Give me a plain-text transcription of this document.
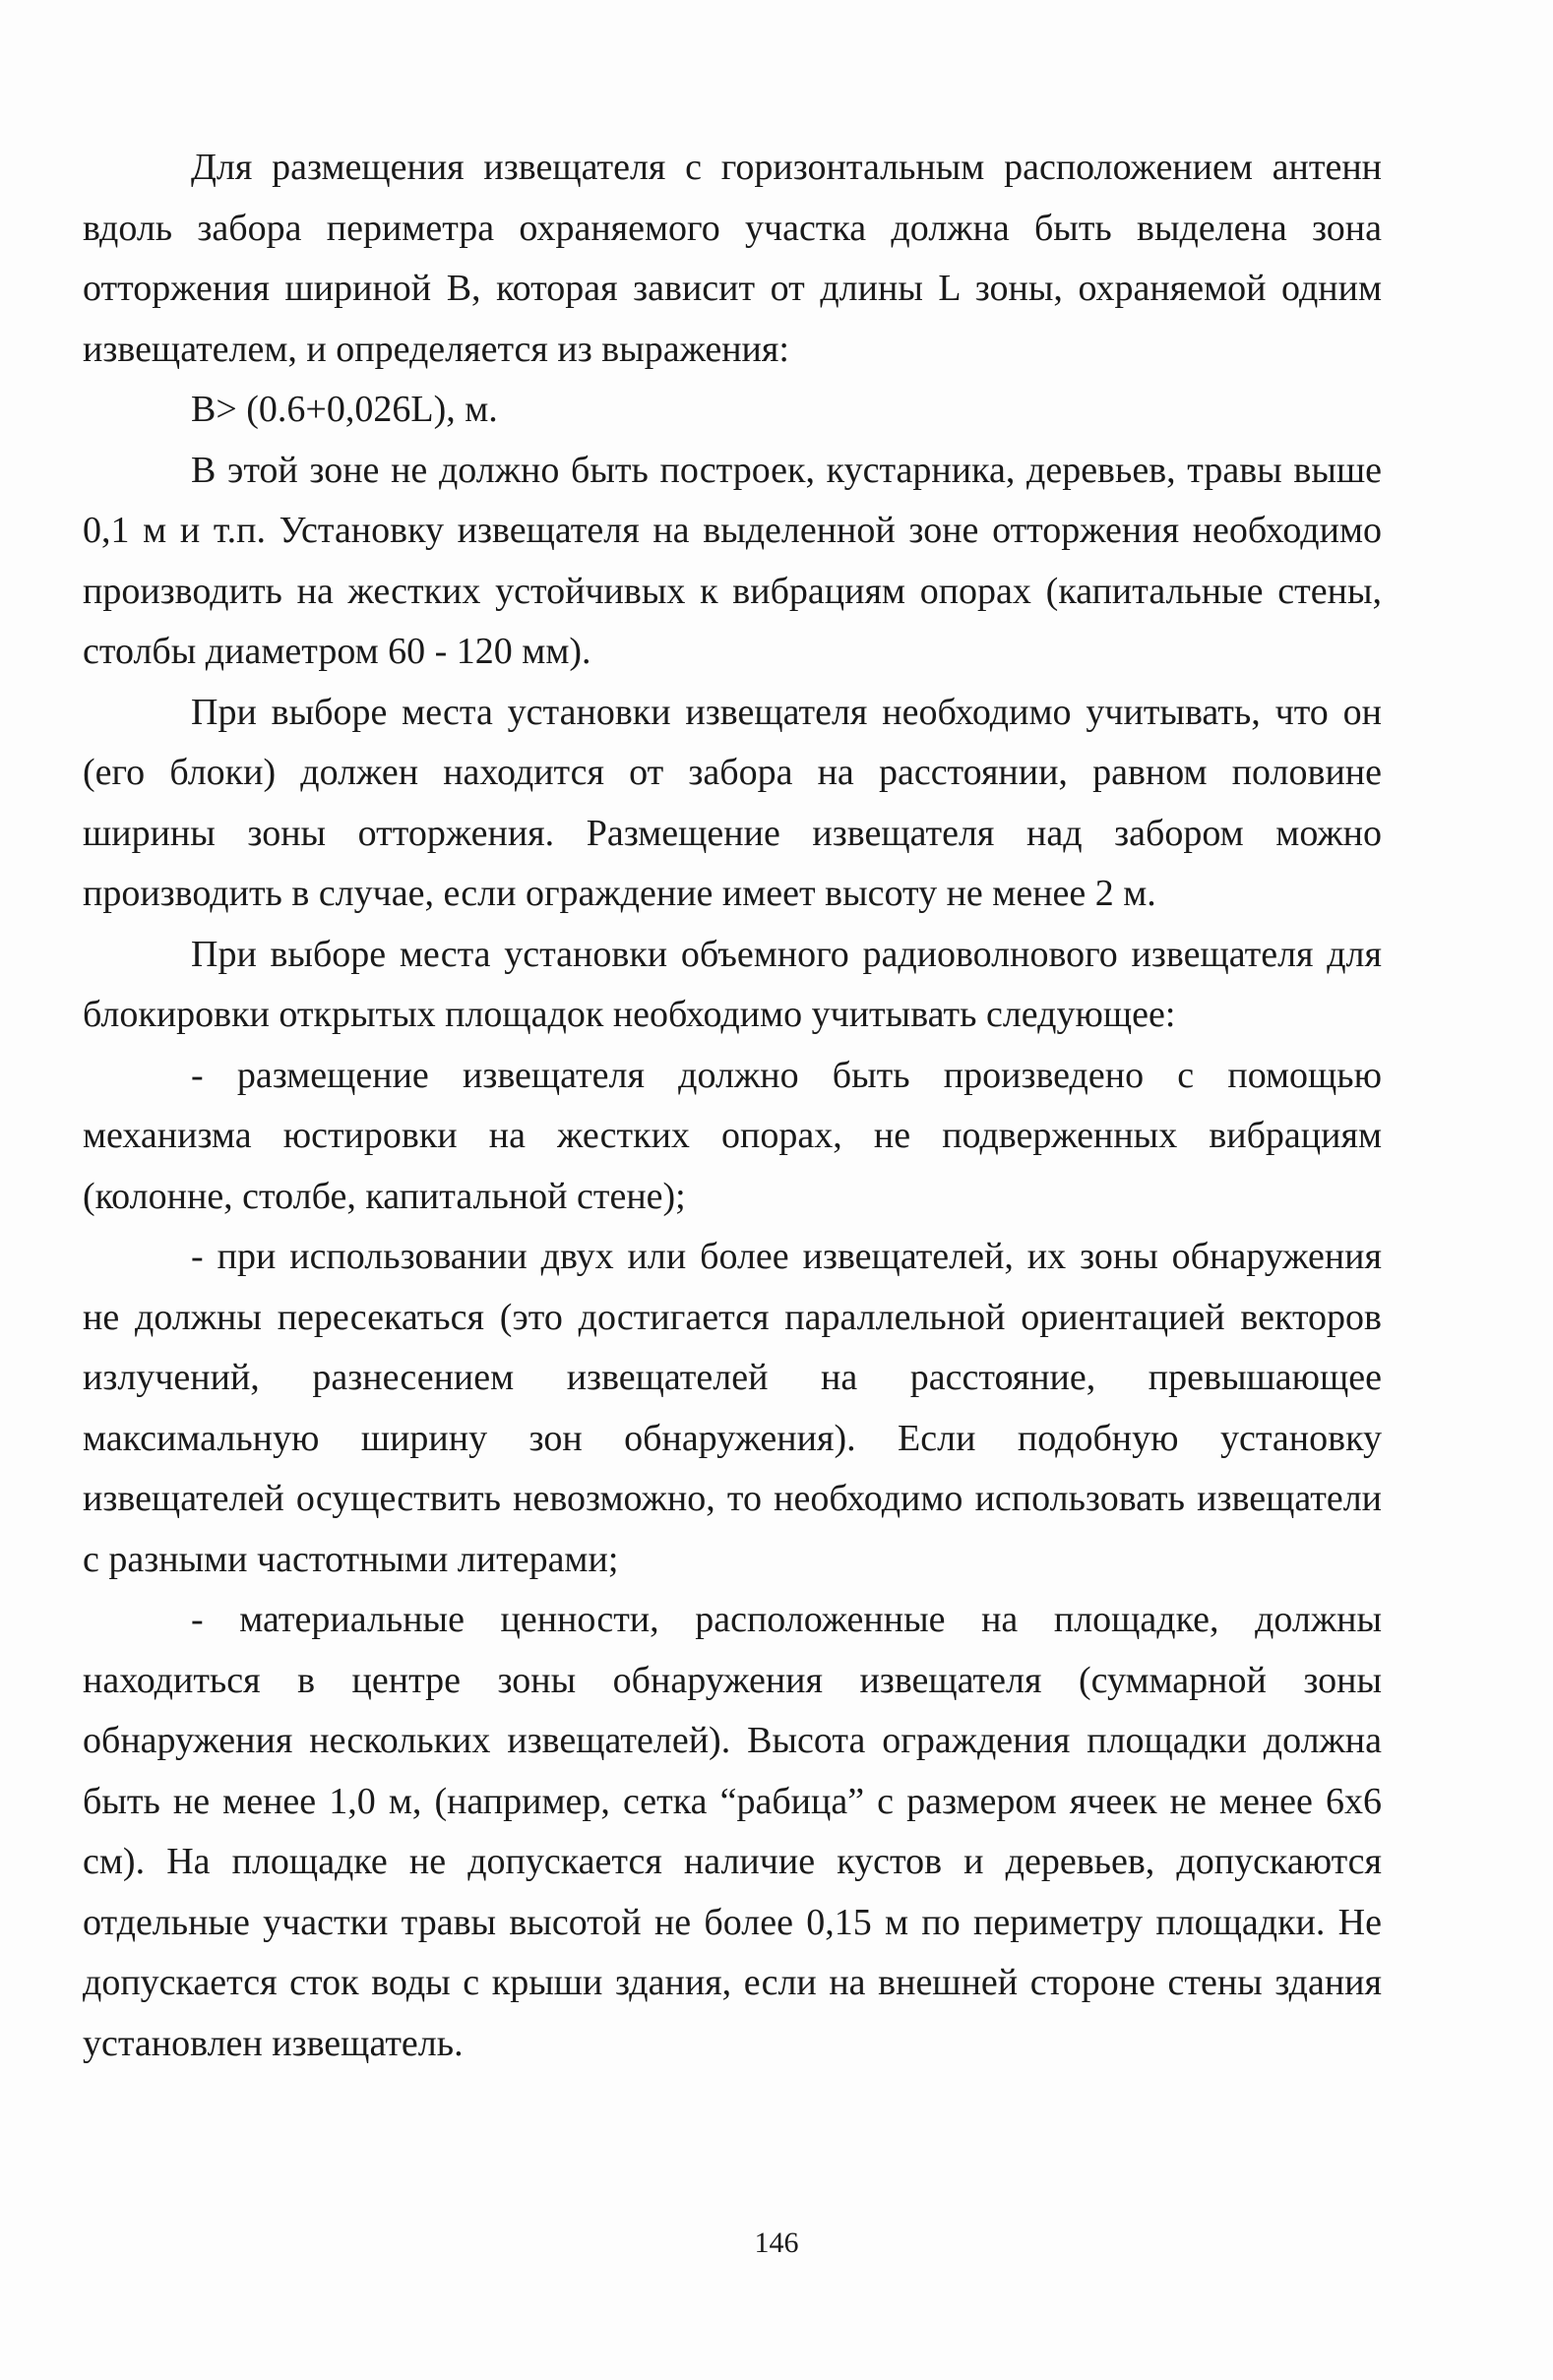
Для размещения извещателя с горизонтальным расположением антенн вдоль забора периметра охраняемого участка должна быть выделена зона отторжения шириной В, которая зависит от длины L зоны, охраняемой одним извещателем, и определяется из выражения:

B> (0.6+0,026L), м.

В этой зоне не должно быть построек, кустарника, деревьев, травы выше 0,1 м и т.п. Установку извещателя на выделенной зоне отторжения необходимо производить на жестких устойчивых к вибрациям опорах (капитальные стены, столбы диаметром 60 - 120 мм).

При выборе места установки извещателя необходимо учитывать, что он (его блоки) должен находится от забора на расстоянии, равном половине ширины зоны отторжения. Размещение извещателя над забором можно производить в случае, если ограждение имеет высоту не менее 2 м.

При выборе места установки объемного радиоволнового извещателя для блокировки открытых площадок необходимо учитывать следующее:

- размещение извещателя должно быть произведено с помощью механизма юстировки на жестких опорах, не подверженных вибрациям (колонне, столбе, капитальной стене);

- при использовании двух или более извещателей, их зоны обнаружения не должны пересекаться (это достигается параллельной ориентацией векторов излучений, разнесением извещателей на расстояние, превышающее максимальную ширину зон обнаружения). Если подобную установку извещателей осуществить невозможно, то необходимо использовать извещатели с разными частотными литерами;

- материальные ценности, расположенные на площадке, должны находиться в центре зоны обнаружения извещателя (суммарной зоны обнаружения нескольких извещателей). Высота ограждения площадки должна быть не менее 1,0 м, (например, сетка “рабица” с размером ячеек не менее 6х6 см). На площадке не допускается наличие кустов и деревьев, допускаются отдельные участки травы высотой не более 0,15 м по периметру площадки. Не допускается сток воды с крыши здания, если на внешней стороне стены здания установлен извещатель.

146
